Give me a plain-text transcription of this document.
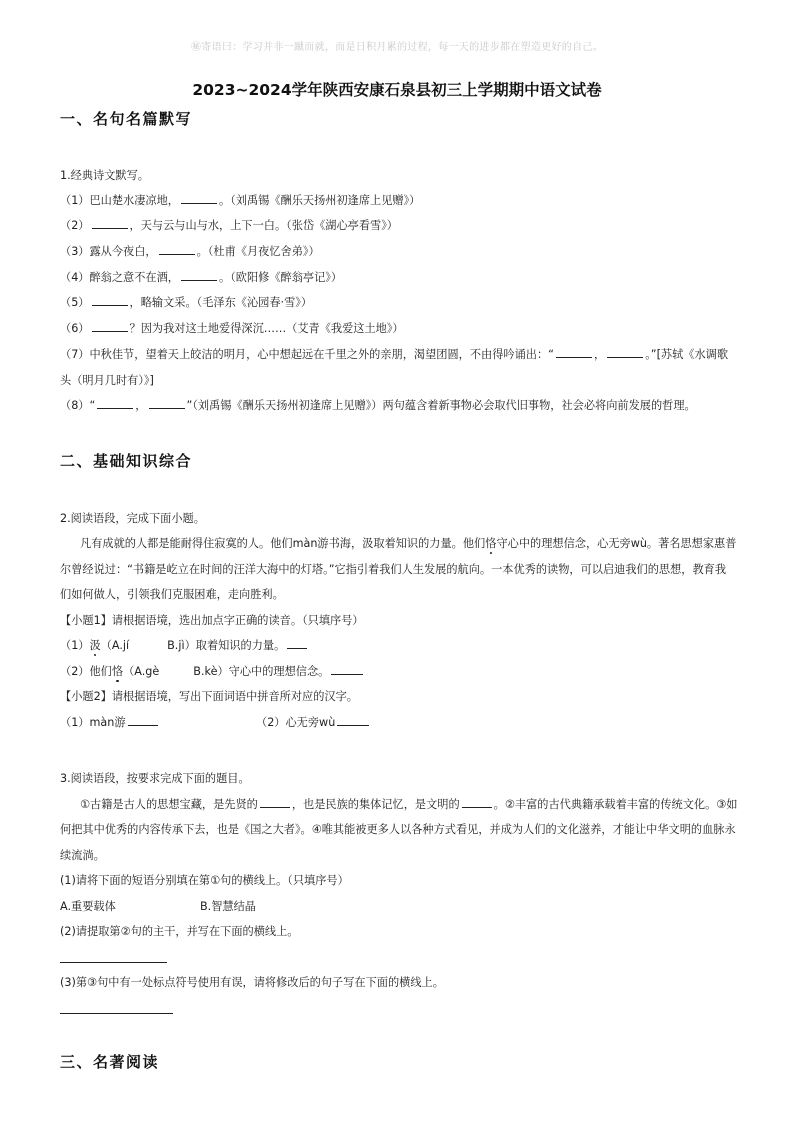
㊙寄语曰：学习并非一蹴而就，而是日积月累的过程，每一天的进步都在塑造更好的自己。
2023~2024学年陕西安康石泉县初三上学期期中语文试卷
一、名句名篇默写
1.经典诗文默写。
（1）巴山楚水凄凉地，	。（刘禹锡《酬乐天扬州初逢席上见赠》）
（2）	，天与云与山与水，上下一白。（张岱《湖心亭看雪》）
（3）露从今夜白，	。（杜甫《月夜忆舍弟》）
（4）醉翁之意不在酒，	。（欧阳修《醉翁亭记》）
（5）	，略输文采。（毛泽东《沁园春·雪》）
（6）	？因为我对这土地爱得深沉……（艾青《我爱这土地》）
（7）中秋佳节，望着天上皎洁的明月，心中想起远在千里之外的亲朋，渴望团圆，不由得吟诵出：“	，	。”[苏轼《水调歌
头（明月几时有）》]
（8）“	，	”（刘禹锡《酬乐天扬州初逢席上见赠》）两句蕴含着新事物必会取代旧事物，社会必将向前发展的哲理。
二、基础知识综合
2.阅读语段，完成下面小题。
凡有成就的人都是能耐得住寂寞的人。他们màn游书海，汲取着知识的力量。他们恪守心中的理想信念，心无旁wù。著名思想家惠普
尔曾经说过：“书籍是屹立在时间的汪洋大海中的灯塔。”它指引着我们人生发展的航向。一本优秀的读物，可以启迪我们的思想，教育我
们如何做人，引领我们克服困难，走向胜利。
【小题1】请根据语境，选出加点字正确的读音。（只填序号）
（1）汲（A.jí	B.jì）取着知识的力量。
（2）他们恪（A.gè	B.kè）守心中的理想信念。
【小题2】请根据语境，写出下面词语中拼音所对应的汉字。
（1）màn游	（2）心无旁wù
3.阅读语段，按要求完成下面的题目。
①古籍是古人的思想宝藏，是先贤的	，也是民族的集体记忆，是文明的	。②丰富的古代典籍承载着丰富的传统文化。③如
何把其中优秀的内容传承下去，也是《国之大者》。④唯其能被更多人以各种方式看见，并成为人们的文化滋养，才能让中华文明的血脉永
续流淌。
(1)请将下面的短语分别填在第①句的横线上。（只填序号）
A.重要载体	B.智慧结晶
(2)请提取第②句的主干，并写在下面的横线上。
(3)第③句中有一处标点符号使用有误，请将修改后的句子写在下面的横线上。
三、名著阅读
